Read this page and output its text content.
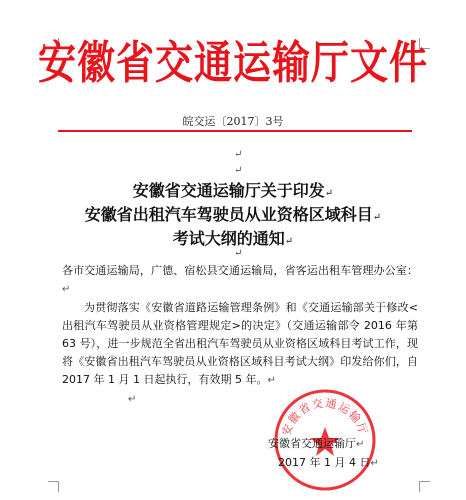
安徽省交通运输厅文件
皖交运〔2017〕3号
↵
↵
安徽省交通运输厅关于印发↵
安徽省出租汽车驾驶员从业资格区域科目↵
考试大纲的通知↵
↵

各市交通运输局，广德、宿松县交通运输局，省客运出租车管理办公室：↵

为贯彻落实《安徽省道路运输管理条例》和《交通运输部关于修改<出租汽车驾驶员从业资格管理规定>的决定》（交通运输部令 2016 年第 63 号），进一步规范全省出租汽车驾驶员从业资格区域科目考试工作，现将《安徽省出租汽车驾驶员从业资格区域科目考试大纲》印发给你们，自 2017 年 1 月 1 日起执行，有效期 5 年。↵

↵

安徽省交通运输厅
安徽省交通运输厅↵
2017 年 1 月 4 日↵
